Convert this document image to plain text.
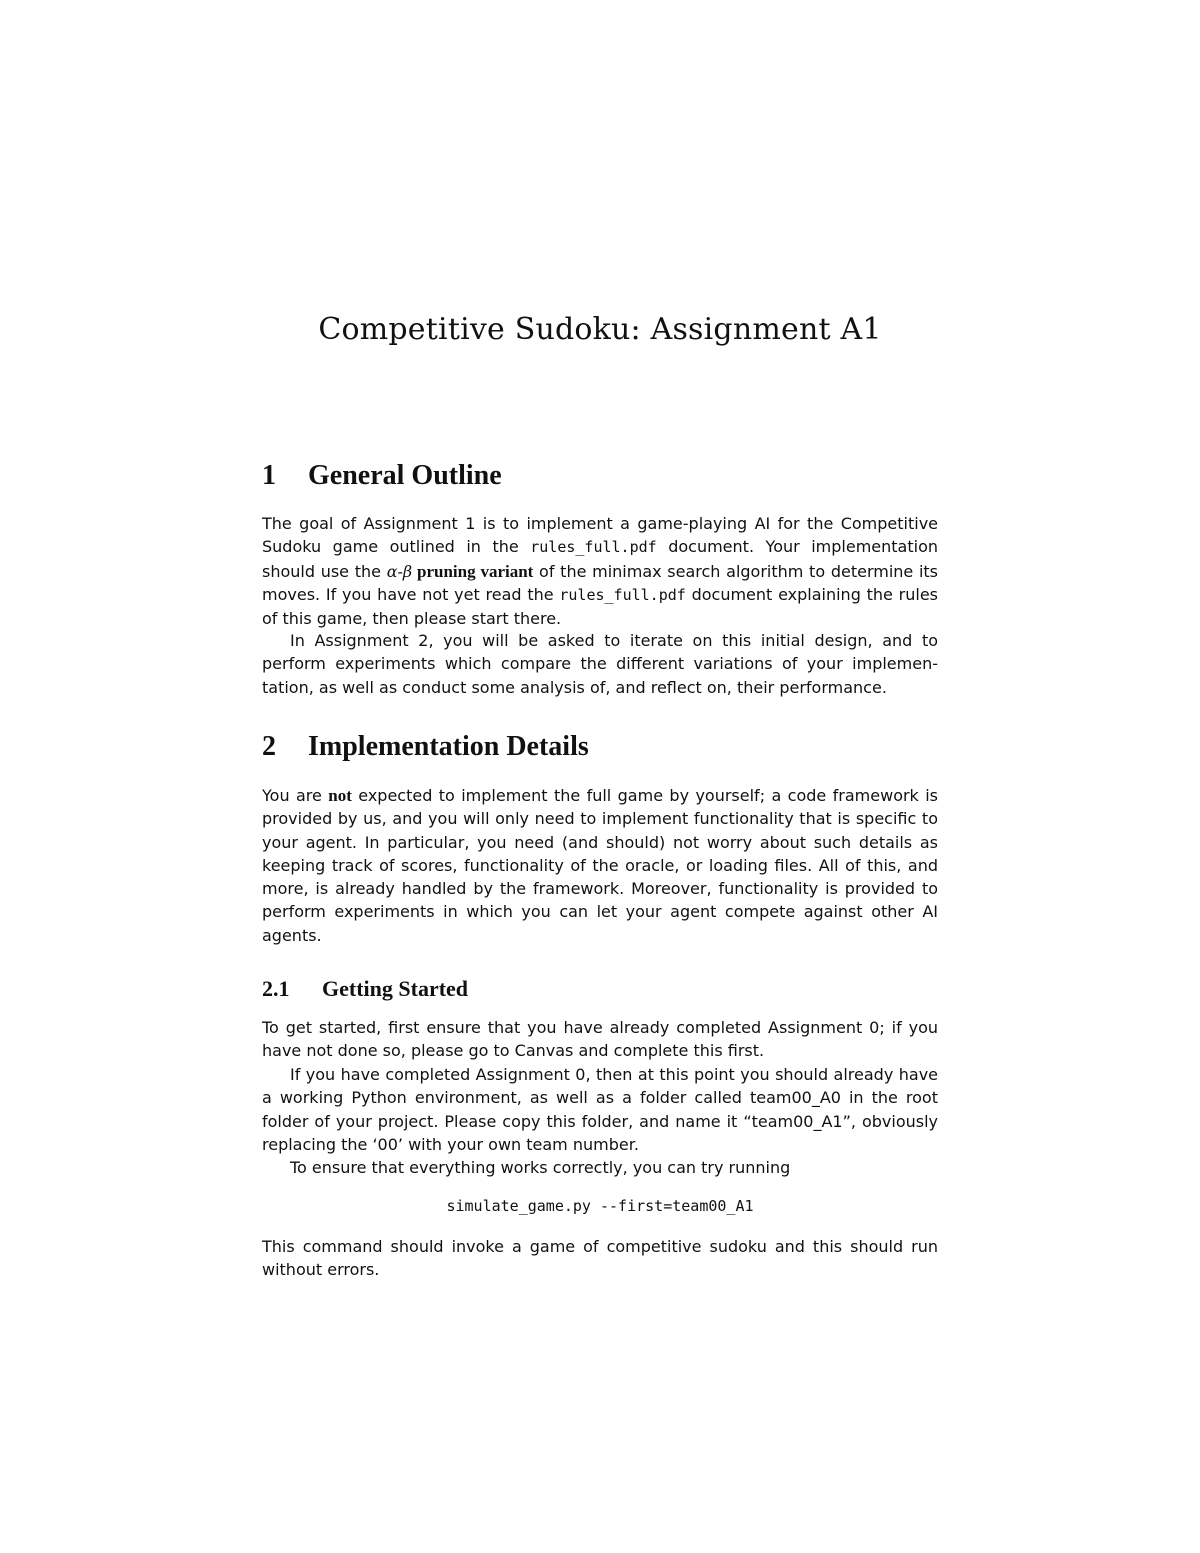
Competitive Sudoku: Assignment A1
1 General Outline

The goal of Assignment 1 is to implement a game-playing AI for the Competitive Sudoku game outlined in the rules_full.pdf document. Your implementation should use the α-β pruning variant of the minimax search algorithm to determine its moves. If you have not yet read the rules_full.pdf document explaining the rules of this game, then please start there.

In Assignment 2, you will be asked to iterate on this initial design, and to perform experiments which compare the different variations of your implementation, as well as conduct some analysis of, and reflect on, their performance.

2 Implementation Details

You are not expected to implement the full game by yourself; a code framework is provided by us, and you will only need to implement functionality that is specific to your agent. In particular, you need (and should) not worry about such details as keeping track of scores, functionality of the oracle, or loading files. All of this, and more, is already handled by the framework. Moreover, functionality is provided to perform experiments in which you can let your agent compete against other AI agents.

2.1 Getting Started

To get started, first ensure that you have already completed Assignment 0; if you have not done so, please go to Canvas and complete this first.

If you have completed Assignment 0, then at this point you should already have a working Python environment, as well as a folder called team00_A0 in the root folder of your project. Please copy this folder, and name it “team00_A1”, obviously replacing the ‘00’ with your own team number.

To ensure that everything works correctly, you can try running

simulate_game.py --first=team00_A1

This command should invoke a game of competitive sudoku and this should run without errors.
